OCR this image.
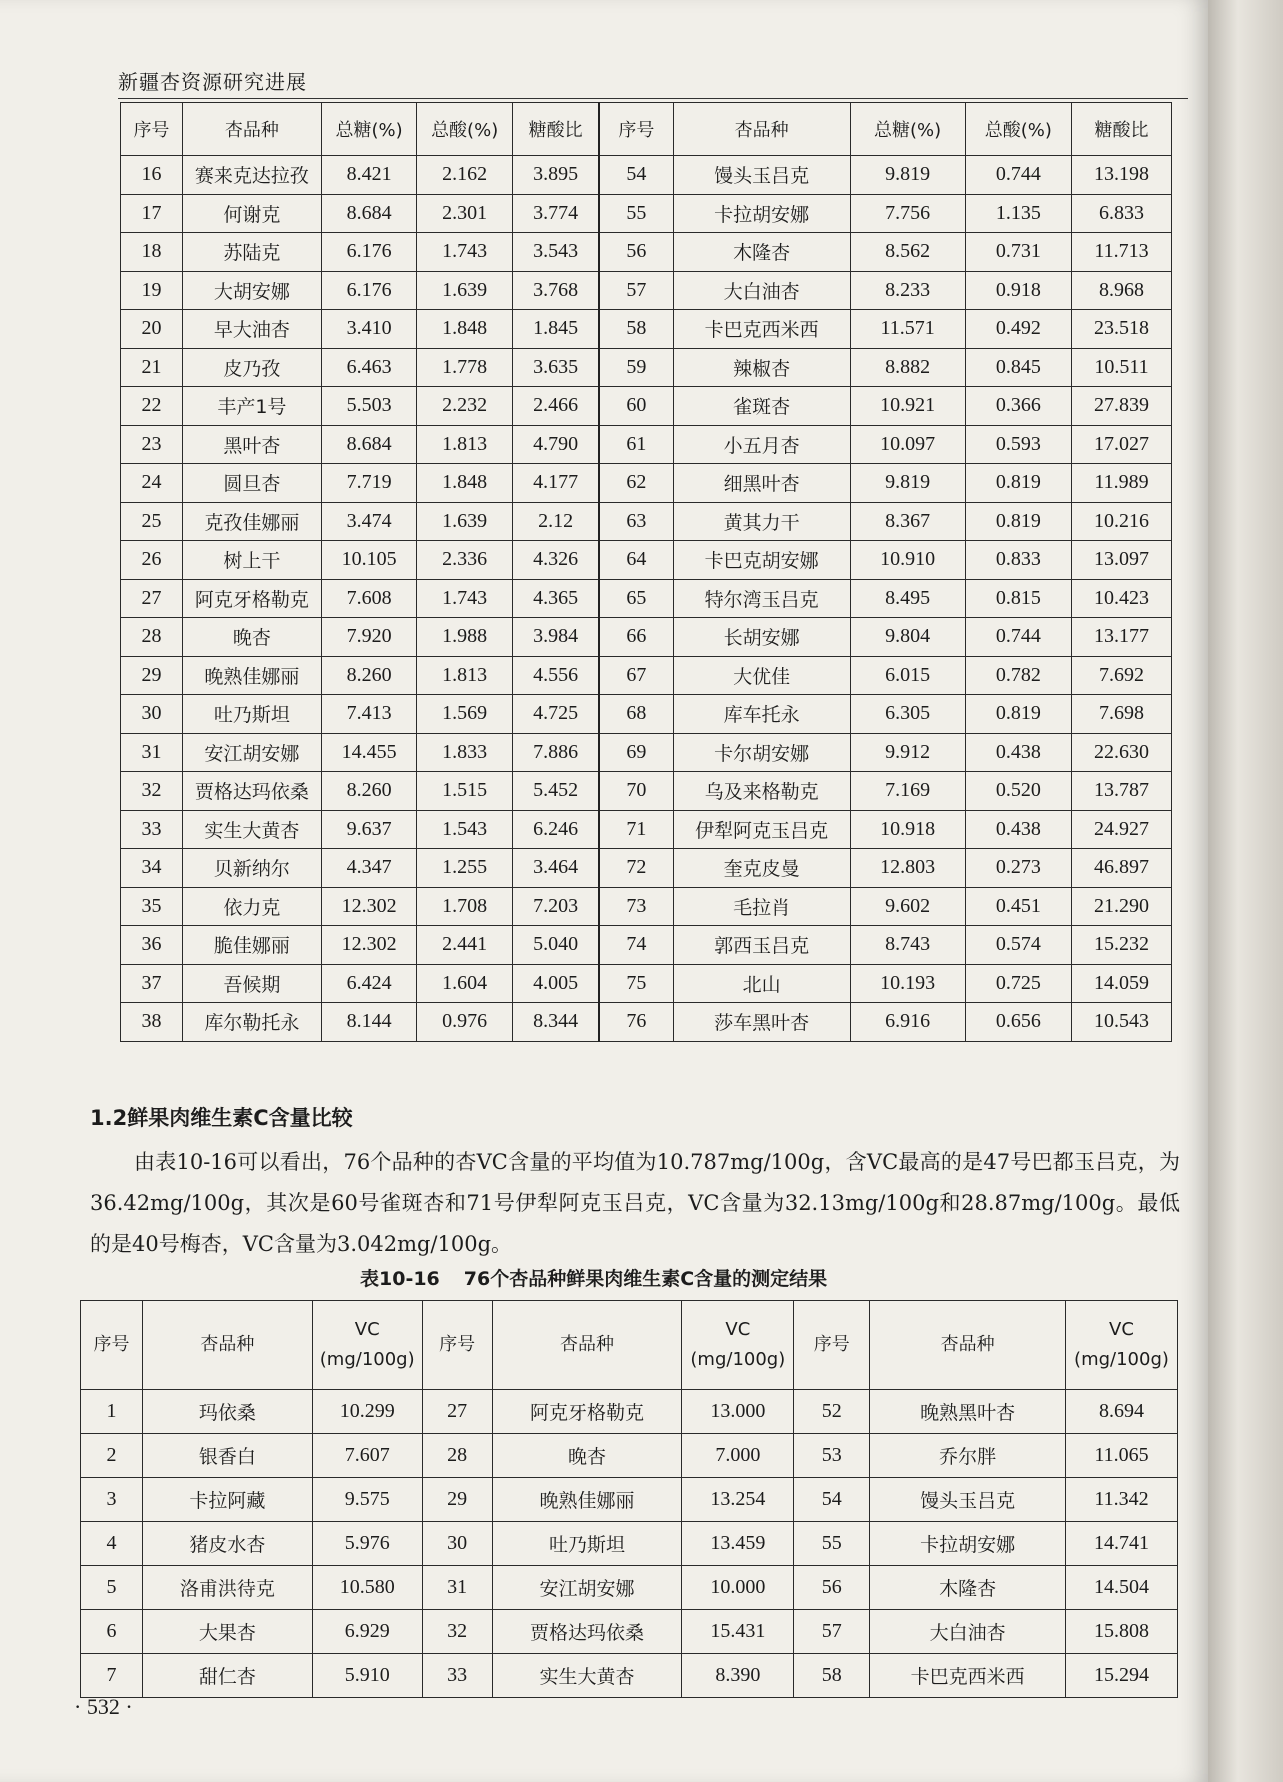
新疆杏资源研究进展
序号	杏品种	总糖(%)	总酸(%)	糖酸比	序号	杏品种	总糖(%)	总酸(%)	糖酸比
16	赛来克达拉孜	8.421	2.162	3.895	54	馒头玉吕克	9.819	0.744	13.198
17	何谢克	8.684	2.301	3.774	55	卡拉胡安娜	7.756	1.135	6.833
18	苏陆克	6.176	1.743	3.543	56	木隆杏	8.562	0.731	11.713
19	大胡安娜	6.176	1.639	3.768	57	大白油杏	8.233	0.918	8.968
20	早大油杏	3.410	1.848	1.845	58	卡巴克西米西	11.571	0.492	23.518
21	皮乃孜	6.463	1.778	3.635	59	辣椒杏	8.882	0.845	10.511
22	丰产1号	5.503	2.232	2.466	60	雀斑杏	10.921	0.366	27.839
23	黑叶杏	8.684	1.813	4.790	61	小五月杏	10.097	0.593	17.027
24	圆旦杏	7.719	1.848	4.177	62	细黑叶杏	9.819	0.819	11.989
25	克孜佳娜丽	3.474	1.639	2.12	63	黄其力干	8.367	0.819	10.216
26	树上干	10.105	2.336	4.326	64	卡巴克胡安娜	10.910	0.833	13.097
27	阿克牙格勒克	7.608	1.743	4.365	65	特尔湾玉吕克	8.495	0.815	10.423
28	晚杏	7.920	1.988	3.984	66	长胡安娜	9.804	0.744	13.177
29	晚熟佳娜丽	8.260	1.813	4.556	67	大优佳	6.015	0.782	7.692
30	吐乃斯坦	7.413	1.569	4.725	68	库车托永	6.305	0.819	7.698
31	安江胡安娜	14.455	1.833	7.886	69	卡尔胡安娜	9.912	0.438	22.630
32	贾格达玛依桑	8.260	1.515	5.452	70	乌及来格勒克	7.169	0.520	13.787
33	实生大黄杏	9.637	1.543	6.246	71	伊犁阿克玉吕克	10.918	0.438	24.927
34	贝新纳尔	4.347	1.255	3.464	72	奎克皮曼	12.803	0.273	46.897
35	依力克	12.302	1.708	7.203	73	毛拉肖	9.602	0.451	21.290
36	脆佳娜丽	12.302	2.441	5.040	74	郭西玉吕克	8.743	0.574	15.232
37	吾候期	6.424	1.604	4.005	75	北山	10.193	0.725	14.059
38	库尔勒托永	8.144	0.976	8.344	76	莎车黑叶杏	6.916	0.656	10.543
1.2鲜果肉维生素C含量比较
由表10-16可以看出，76个品种的杏VC含量的平均值为10.787mg/100g，含VC最高的是47号巴都玉吕克，为36.42mg/100g，其次是60号雀斑杏和71号伊犁阿克玉吕克，VC含量为32.13mg/100g和28.87mg/100g。最低的是40号梅杏，VC含量为3.042mg/100g。
表10-16 76个杏品种鲜果肉维生素C含量的测定结果
序号	杏品种	VC
(mg/100g)	序号	杏品种	VC
(mg/100g)	序号	杏品种	VC
(mg/100g)
1	玛依桑	10.299	27	阿克牙格勒克	13.000	52	晚熟黑叶杏	8.694
2	银香白	7.607	28	晚杏	7.000	53	乔尔胖	11.065
3	卡拉阿藏	9.575	29	晚熟佳娜丽	13.254	54	馒头玉吕克	11.342
4	猪皮水杏	5.976	30	吐乃斯坦	13.459	55	卡拉胡安娜	14.741
5	洛甫洪待克	10.580	31	安江胡安娜	10.000	56	木隆杏	14.504
6	大果杏	6.929	32	贾格达玛依桑	15.431	57	大白油杏	15.808
7	甜仁杏	5.910	33	实生大黄杏	8.390	58	卡巴克西米西	15.294
· 532 ·
